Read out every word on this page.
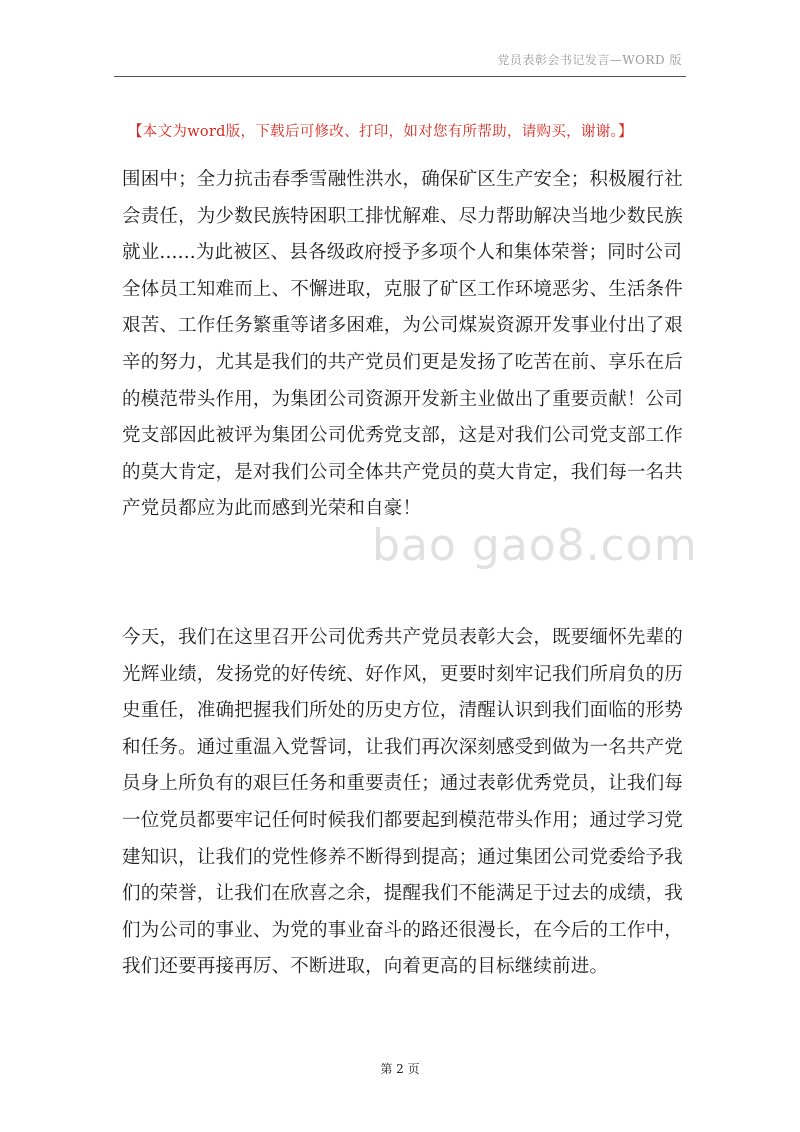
党员表彰会书记发言—WORD 版
【本文为word版，下载后可修改、打印，如对您有所帮助，请购买，谢谢。】
围困中；全力抗击春季雪融性洪水，确保矿区生产安全；积极履行社
会责任，为少数民族特困职工排忧解难、尽力帮助解决当地少数民族
就业......为此被区、县各级政府授予多项个人和集体荣誉；同时公司
全体员工知难而上、不懈进取，克服了矿区工作环境恶劣、生活条件
艰苦、工作任务繁重等诸多困难，为公司煤炭资源开发事业付出了艰
辛的努力，尤其是我们的共产党员们更是发扬了吃苦在前、享乐在后
的模范带头作用，为集团公司资源开发新主业做出了重要贡献！公司
党支部因此被评为集团公司优秀党支部，这是对我们公司党支部工作
的莫大肯定，是对我们公司全体共产党员的莫大肯定，我们每一名共
产党员都应为此而感到光荣和自豪！
bao gao8.com
今天，我们在这里召开公司优秀共产党员表彰大会，既要缅怀先辈的
光辉业绩，发扬党的好传统、好作风，更要时刻牢记我们所肩负的历
史重任，准确把握我们所处的历史方位，清醒认识到我们面临的形势
和任务。通过重温入党誓词，让我们再次深刻感受到做为一名共产党
员身上所负有的艰巨任务和重要责任；通过表彰优秀党员，让我们每
一位党员都要牢记任何时候我们都要起到模范带头作用；通过学习党
建知识，让我们的党性修养不断得到提高；通过集团公司党委给予我
们的荣誉，让我们在欣喜之余，提醒我们不能满足于过去的成绩，我
们为公司的事业、为党的事业奋斗的路还很漫长，在今后的工作中，
我们还要再接再厉、不断进取，向着更高的目标继续前进。
第 2 页
